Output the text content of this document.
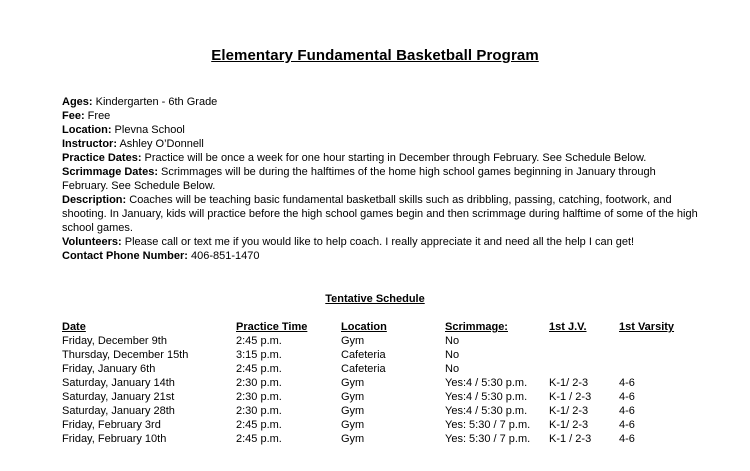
Elementary Fundamental Basketball Program

Ages: Kindergarten - 6th Grade

Fee: Free

Location: Plevna School

Instructor: Ashley O’Donnell

Practice Dates: Practice will be once a week for one hour starting in December through February. See Schedule Below.

Scrimmage Dates: Scrimmages will be during the halftimes of the home high school games beginning in January through February. See Schedule Below.

Description: Coaches will be teaching basic fundamental basketball skills such as dribbling, passing, catching, footwork, and shooting. In January, kids will practice before the high school games begin and then scrimmage during halftime of some of the high school games.

Volunteers: Please call or text me if you would like to help coach. I really appreciate it and need all the help I can get!

Contact Phone Number: 406-851-1470

Tentative Schedule
Date	Practice Time	Location	Scrimmage:	1st J.V.	1st Varsity
Friday, December 9th	2:45 p.m.	Gym	No		
Thursday, December 15th	3:15 p.m.	Cafeteria	No		
Friday, January 6th	2:45 p.m.	Cafeteria	No		
Saturday, January 14th	2:30 p.m.	Gym	Yes:4 / 5:30 p.m.	K-1/ 2-3	4-6
Saturday, January 21st	2:30 p.m.	Gym	Yes:4 / 5:30 p.m.	K-1 / 2-3	4-6
Saturday, January 28th	2:30 p.m.	Gym	Yes:4 / 5:30 p.m.	K-1/ 2-3	4-6
Friday, February 3rd	2:45 p.m.	Gym	Yes: 5:30 / 7 p.m.	K-1/ 2-3	4-6
Friday, February 10th	2:45 p.m.	Gym	Yes: 5:30 / 7 p.m.	K-1 / 2-3	4-6
